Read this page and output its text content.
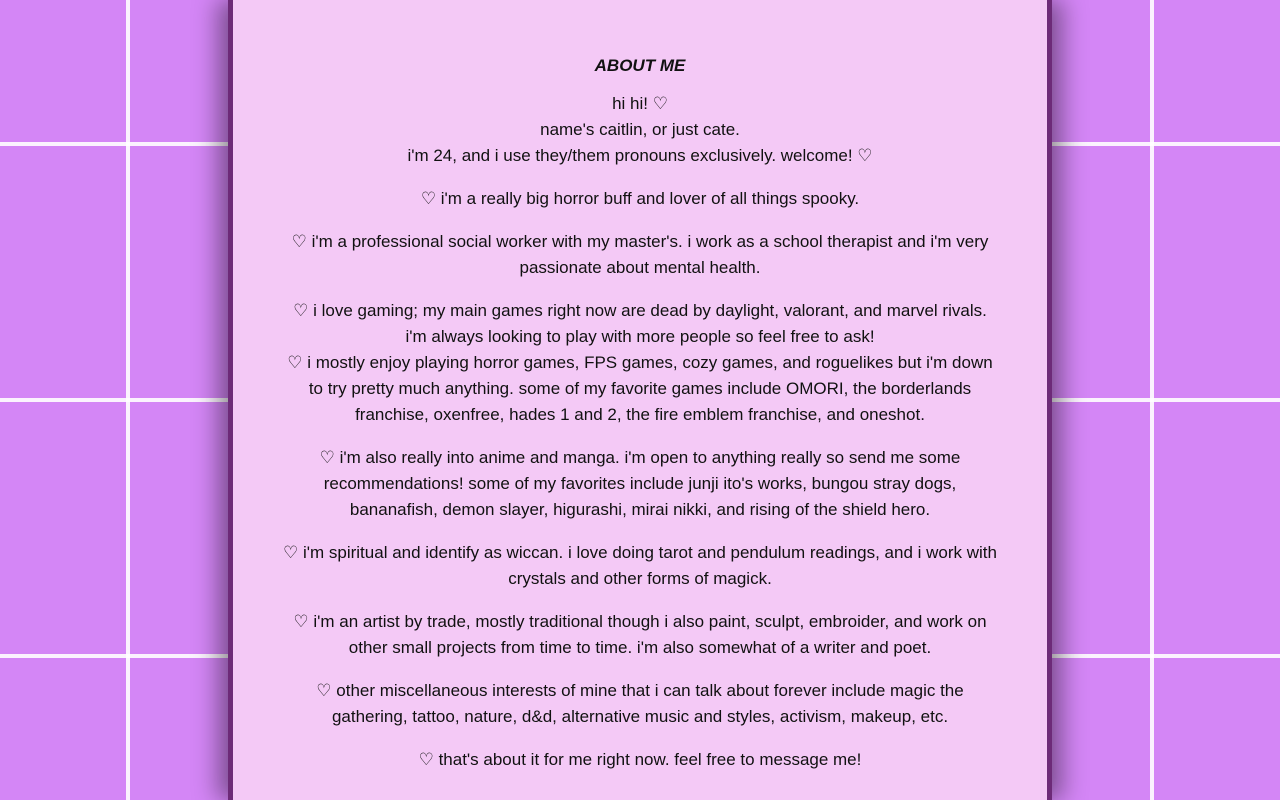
ABOUT ME

hi hi! ♡
name's caitlin, or just cate.
i'm 24, and i use they/them pronouns exclusively. welcome! ♡

♡ i'm a really big horror buff and lover of all things spooky.

♡ i'm a professional social worker with my master's. i work as a school therapist and i'm very passionate about mental health.

♡ i love gaming; my main games right now are dead by daylight, valorant, and marvel rivals. i'm always looking to play with more people so feel free to ask!
♡ i mostly enjoy playing horror games, FPS games, cozy games, and roguelikes but i'm down to try pretty much anything. some of my favorite games include OMORI, the borderlands franchise, oxenfree, hades 1 and 2, the fire emblem franchise, and oneshot.

♡ i'm also really into anime and manga. i'm open to anything really so send me some recommendations! some of my favorites include junji ito's works, bungou stray dogs, bananafish, demon slayer, higurashi, mirai nikki, and rising of the shield hero.

♡ i'm spiritual and identify as wiccan. i love doing tarot and pendulum readings, and i work with crystals and other forms of magick.

♡ i'm an artist by trade, mostly traditional though i also paint, sculpt, embroider, and work on other small projects from time to time. i'm also somewhat of a writer and poet.

♡ other miscellaneous interests of mine that i can talk about forever include magic the gathering, tattoo, nature, d&d, alternative music and styles, activism, makeup, etc.

♡ that's about it for me right now. feel free to message me!
